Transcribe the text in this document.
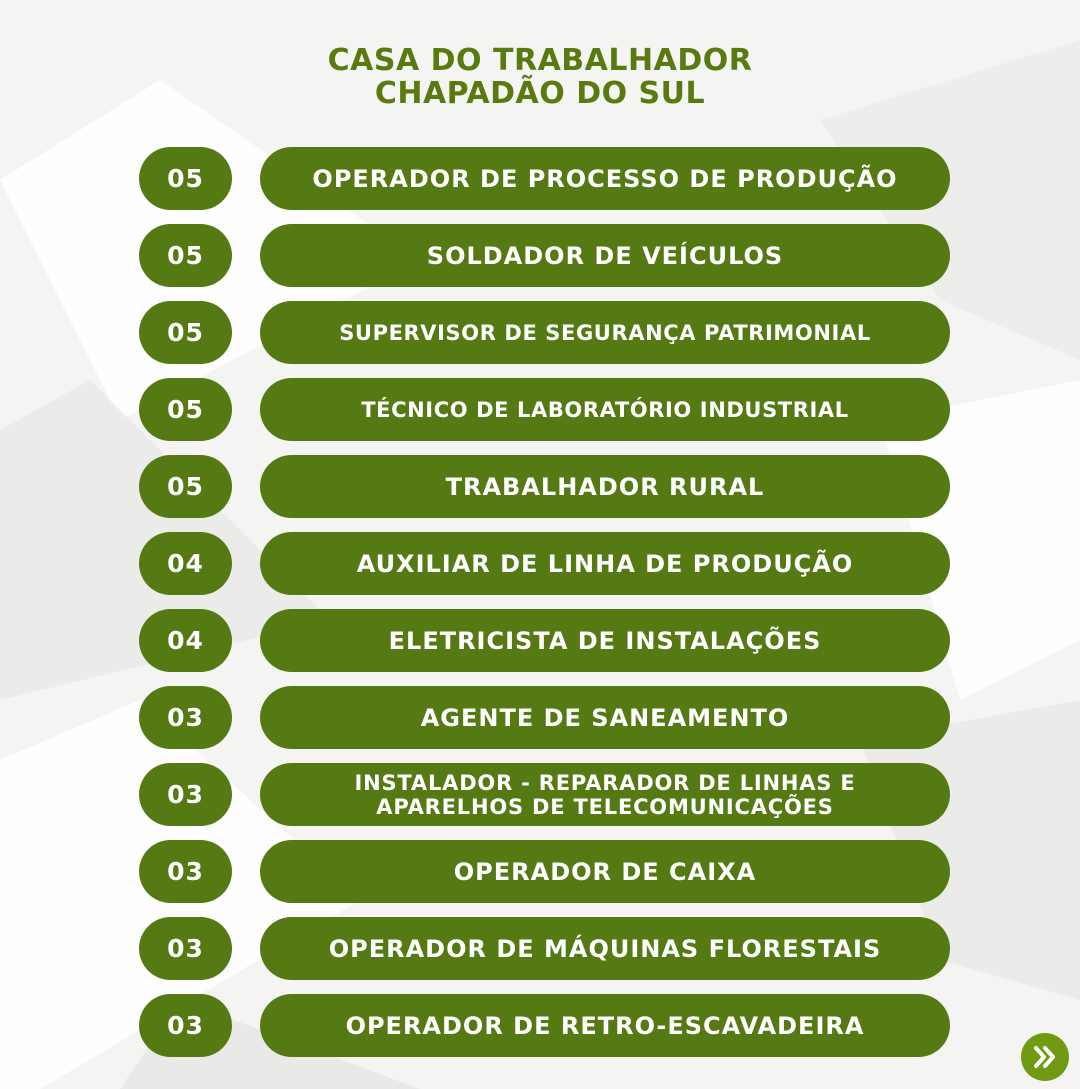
CASA DO TRABALHADOR
CHAPADÃO DO SUL
05	OPERADOR DE PROCESSO DE PRODUÇÃO
05	SOLDADOR DE VEÍCULOS
05	SUPERVISOR DE SEGURANÇA PATRIMONIAL
05	TÉCNICO DE LABORATÓRIO INDUSTRIAL
05	TRABALHADOR RURAL
04	AUXILIAR DE LINHA DE PRODUÇÃO
04	ELETRICISTA DE INSTALAÇÕES
03	AGENTE DE SANEAMENTO
03	INSTALADOR - REPARADOR DE LINHAS E
APARELHOS DE TELECOMUNICAÇÕES
03	OPERADOR DE CAIXA
03	OPERADOR DE MÁQUINAS FLORESTAIS
03	OPERADOR DE RETRO-ESCAVADEIRA
